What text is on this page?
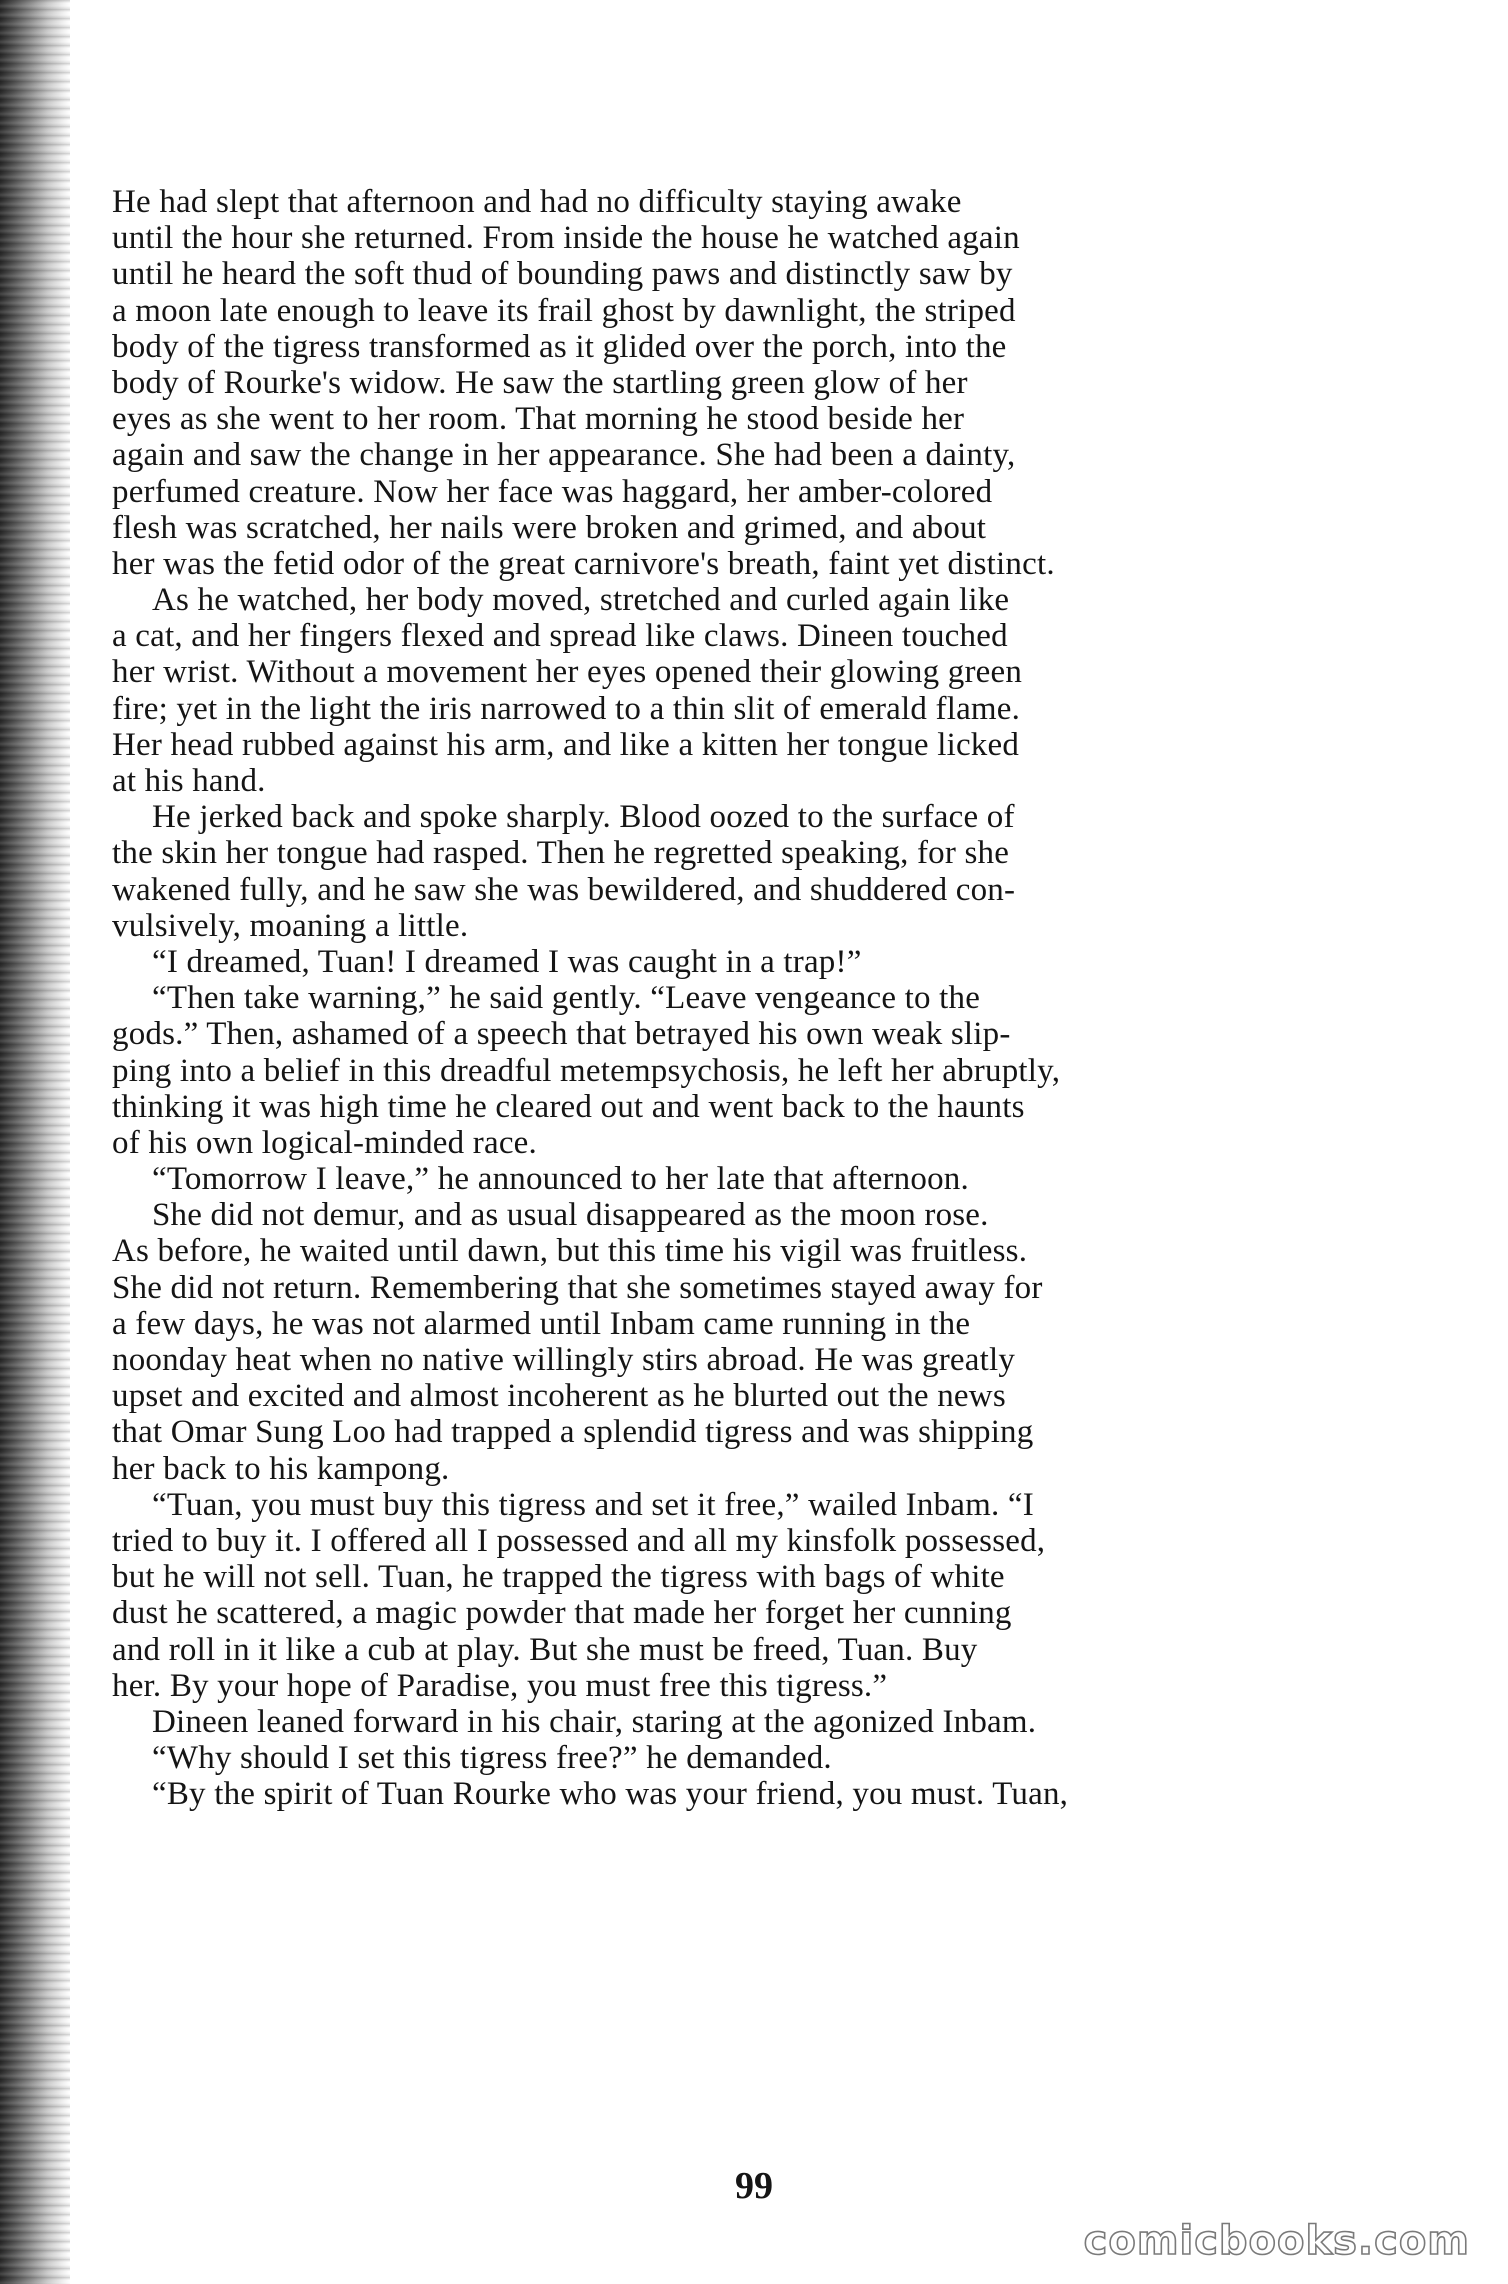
He had slept that afternoon and had no difficulty staying awake
until the hour she returned. From inside the house he watched again
until he heard the soft thud of bounding paws and distinctly saw by
a moon late enough to leave its frail ghost by dawnlight, the striped
body of the tigress transformed as it glided over the porch, into the
body of Rourke's widow. He saw the startling green glow of her
eyes as she went to her room. That morning he stood beside her
again and saw the change in her appearance. She had been a dainty,
perfumed creature. Now her face was haggard, her amber-colored
flesh was scratched, her nails were broken and grimed, and about
her was the fetid odor of the great carnivore's breath, faint yet distinct.
As he watched, her body moved, stretched and curled again like
a cat, and her fingers flexed and spread like claws. Dineen touched
her wrist. Without a movement her eyes opened their glowing green
fire; yet in the light the iris narrowed to a thin slit of emerald flame.
Her head rubbed against his arm, and like a kitten her tongue licked
at his hand.
He jerked back and spoke sharply. Blood oozed to the surface of
the skin her tongue had rasped. Then he regretted speaking, for she
wakened fully, and he saw she was bewildered, and shuddered con-
vulsively, moaning a little.
“I dreamed, Tuan! I dreamed I was caught in a trap!”
“Then take warning,” he said gently. “Leave vengeance to the
gods.” Then, ashamed of a speech that betrayed his own weak slip-
ping into a belief in this dreadful metempsychosis, he left her abruptly,
thinking it was high time he cleared out and went back to the haunts
of his own logical-minded race.
“Tomorrow I leave,” he announced to her late that afternoon.
She did not demur, and as usual disappeared as the moon rose.
As before, he waited until dawn, but this time his vigil was fruitless.
She did not return. Remembering that she sometimes stayed away for
a few days, he was not alarmed until Inbam came running in the
noonday heat when no native willingly stirs abroad. He was greatly
upset and excited and almost incoherent as he blurted out the news
that Omar Sung Loo had trapped a splendid tigress and was shipping
her back to his kampong.
“Tuan, you must buy this tigress and set it free,” wailed Inbam. “I
tried to buy it. I offered all I possessed and all my kinsfolk possessed,
but he will not sell. Tuan, he trapped the tigress with bags of white
dust he scattered, a magic powder that made her forget her cunning
and roll in it like a cub at play. But she must be freed, Tuan. Buy
her. By your hope of Paradise, you must free this tigress.”
Dineen leaned forward in his chair, staring at the agonized Inbam.
“Why should I set this tigress free?” he demanded.
“By the spirit of Tuan Rourke who was your friend, you must. Tuan,
99
comicbooks.com
